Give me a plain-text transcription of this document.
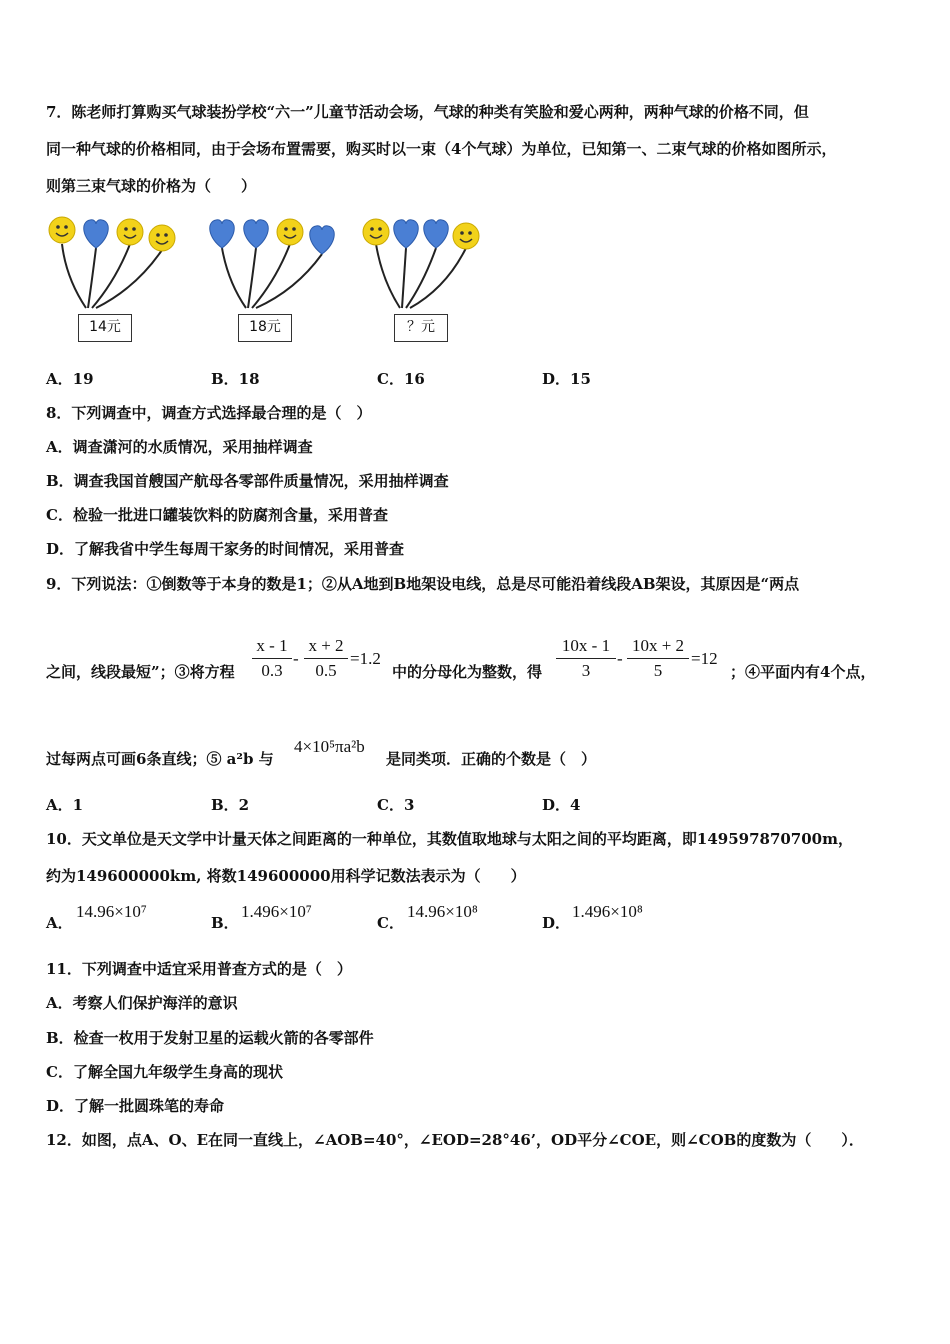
7．陈老师打算购买气球装扮学校“六一”儿童节活动会场，气球的种类有笑脸和爱心两种，两种气球的价格不同，但
同一种气球的价格相同，由于会场布置需要，购买时以一束（4个气球）为单位，已知第一、二束气球的价格如图所示，
则第三束气球的价格为（　　）
14元	18元	？元
A．19	B．18	C．16	D．15
8．下列调查中，调查方式选择最合理的是（　）
A．调查潇河的水质情况，采用抽样调查
B．调查我国首艘国产航母各零部件质量情况，采用抽样调查
C．检验一批进口罐装饮料的防腐剂含量，采用普查
D．了解我省中学生每周干家务的时间情况，采用普查
9．下列说法：①倒数等于本身的数是1；②从A地到B地架设电线，总是尽可能沿着线段AB架设，其原因是“两点
之间，线段最短”；③将方程 $\frac{x - 1}{0.3} - \frac{x + 2}{0.5} =1.2$
中的分母化为整数，得 $\frac{10x - 1}{3} - \frac{10x + 2}{5} =12$
；④平面内有4个点，
过每两点可画6条直线；⑤ a²b 与
4×10⁵πa²b
是同类项．正确的个数是（　）
A．1	B．2	C．3	D．4
10．天文单位是天文学中计量天体之间距离的一种单位，其数值取地球与太阳之间的平均距离，即149597870700m，
约为149600000km, 将数149600000用科学记数法表示为（　　）
A．
14.96×10⁷
B．
1.496×10⁷
C．
14.96×10⁸
D．
1.496×10⁸
11．下列调查中适宜采用普查方式的是（　）
A．考察人们保护海洋的意识
B．检查一枚用于发射卫星的运载火箭的各零部件
C．了解全国九年级学生身高的现状
D．了解一批圆珠笔的寿命
12．如图，点A、O、E在同一直线上，∠AOB=40°，∠EOD=28°46’，OD平分∠COE，则∠COB的度数为（　　）．
